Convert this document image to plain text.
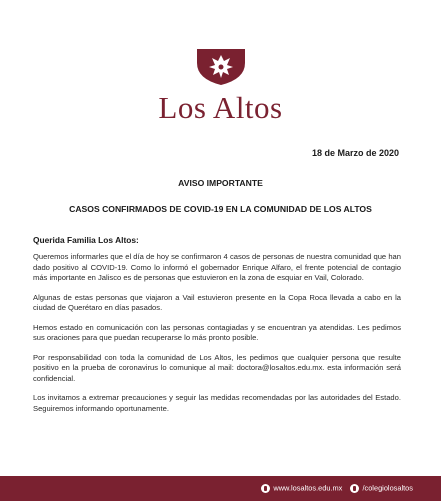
Los Altos
18 de Marzo de 2020
AVISO IMPORTANTE
CASOS CONFIRMADOS DE COVID-19 EN LA COMUNIDAD DE LOS ALTOS

Querida Familia Los Altos:

Queremos informarles que el día de hoy se confirmaron 4 casos de personas de nuestra comunidad que han dado positivo al COVID-19. Como lo informó el gobernador Enrique Alfaro, el frente potencial de contagio más importante en Jalisco es de personas que estuvieron en la zona de esquiar en Vail, Colorado.

Algunas de estas personas que viajaron a Vail estuvieron presente en la Copa Roca llevada a cabo en la ciudad de Querétaro en días pasados.

Hemos estado en comunicación con las personas contagiadas y se encuentran ya atendidas. Les pedimos sus oraciones para que puedan recuperarse lo más pronto posible.

Por responsabilidad con toda la comunidad de Los Altos, les pedimos que cualquier persona que resulte positivo en la prueba de coronavirus lo comunique al mail: doctora@losaltos.edu.mx. esta información será confidencial.

Los invitamos a extremar precauciones y seguir las medidas recomendadas por las autoridades del Estado. Seguiremos informando oportunamente.

www.losaltos.edu.mx	/colegiolosaltos
